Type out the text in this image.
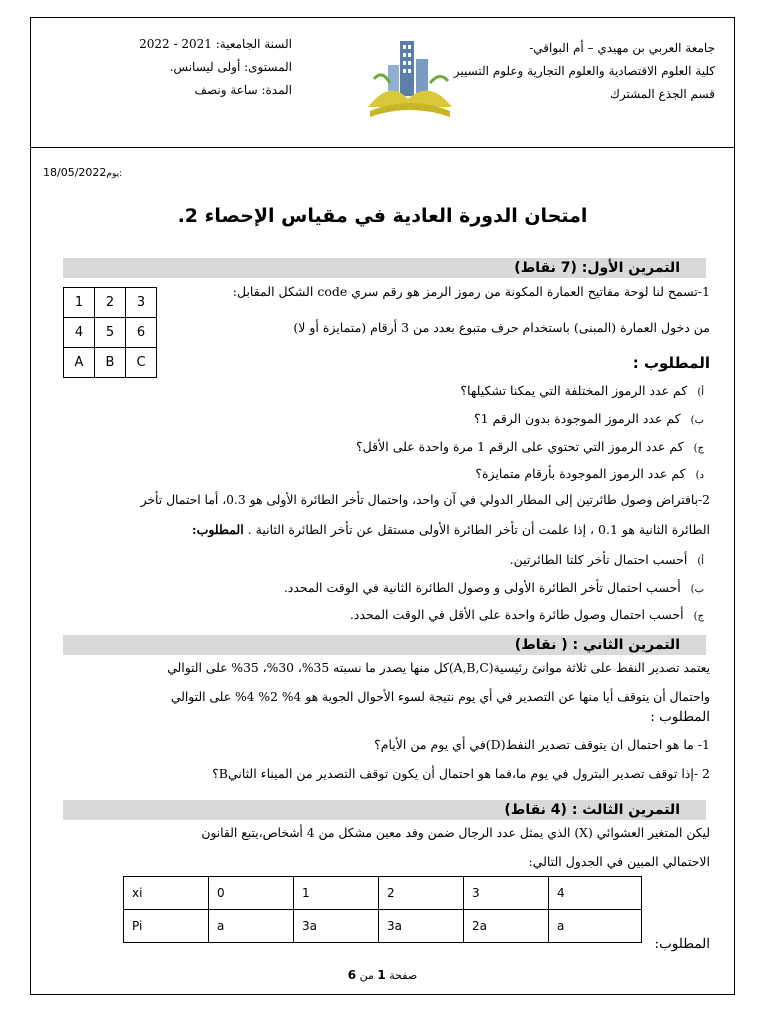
جامعة العربي بن مهيدي – أم البواقي-
كلية العلوم الاقتصادية والعلوم التجارية وعلوم التسيير
قسم الجذع المشترك
السنة الجامعية: 2021 - 2022
المستوى: أولى ليسانس.
المدة: ساعة ونصف
18/05/2022يوم:
امتحان الدورة العادية في مقياس الإحصاء 2.
التمرين الأول: (7 نقاط)
1-تسمح لنا لوحة مفاتيح العمارة المكونة من رموز الرمز هو رقم سري code الشكل المقابل:
1	2	3
4	5	6
A	B	C
من دخول العمارة (المبنى) باستخدام حرف متبوع بعدد من 3 أرقام (متمايزة أو لا)
المطلوب :
أ)كم عدد الرموز المختلفة التي يمكنا تشكيلها؟
ب)كم عدد الرموز الموجودة بدون الرقم 1؟
ج)كم عدد الرموز التي تحتوي على الرقم 1 مرة واحدة على الأقل؟
د)كم عدد الرموز الموجودة بأرقام متمايزة؟
2-بافتراض وصول طائرتين إلى المطار الدولي في آن واحد، واحتمال تأخر الطائرة الأولى هو 0.3، أما احتمال تأخر
الطائرة الثانية هو 0.1 ، إذا علمت أن تأخر الطائرة الأولى مستقل عن تأخر الطائرة الثانية . المطلوب:
أ)أحسب احتمال تأخر كلتا الطائرتين.
ب)أحسب احتمال تأخر الطائرة الأولى و وصول الطائرة الثانية في الوقت المحدد.
ج)أحسب احتمال وصول طائرة واحدة على الأقل في الوقت المحدد.
التمرين الثاني : ( نقاط)
يعتمد تصدير النفط على ثلاثة موانئ رئيسية(A,B,C)كل منها يصدر ما نسبته 35%، 30%، 35% على التوالي
واحتمال أن يتوقف أيا منها عن التصدير في أي يوم نتيجة لسوء الأحوال الجوية هو 4% 2% 4% على التوالي
المطلوب :
1- ما هو احتمال ان يتوقف تصدير النفط(D)في أي يوم من الأيام؟
2 -إذا توقف تصدير البترول في يوم ما،فما هو احتمال أن يكون توقف التصدير من الميناء الثانيB؟
التمرين الثالث : (4 نقاط)
ليكن المتغير العشوائي (X) الذي يمثل عدد الرجال ضمن وفد معين مشكل من 4 أشخاص،يتبع القانون
الاحتمالي المبين في الجدول التالي:
xi	0	1	2	3	4
Pi	a	3a	3a	2a	a
المطلوب:
صفحة 1 من 6
